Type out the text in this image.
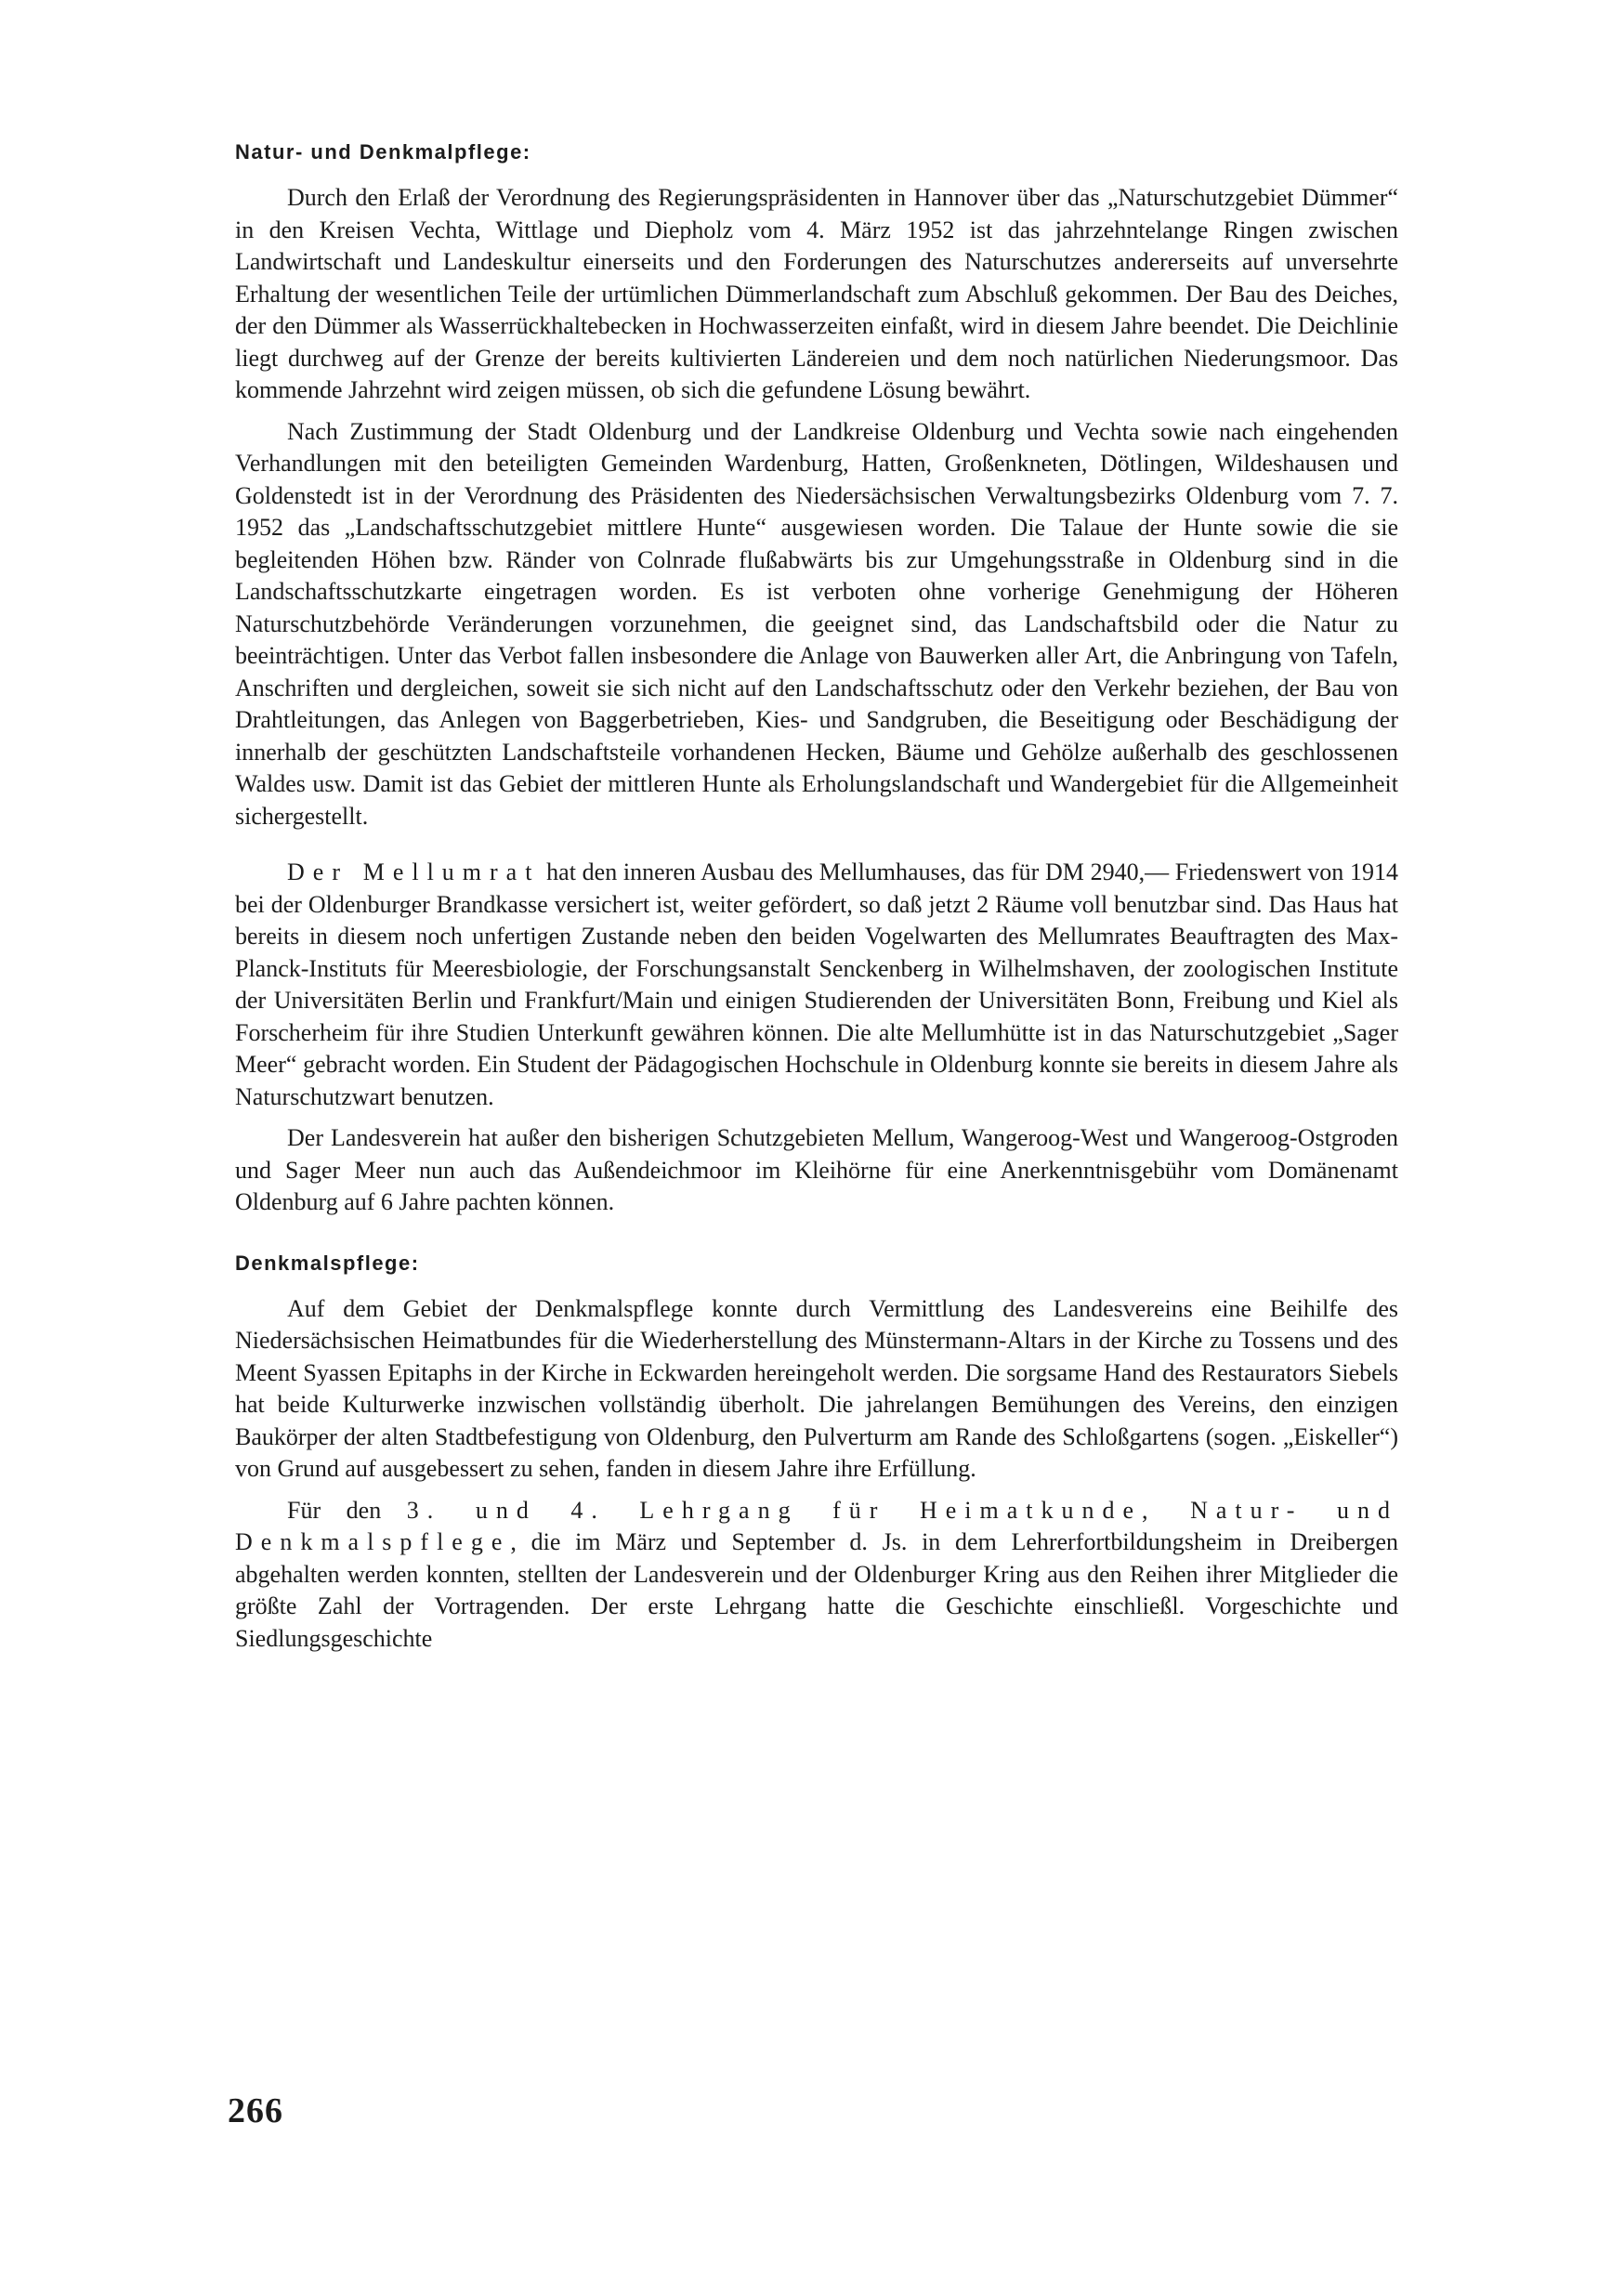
Natur- und Denkmalpflege:

Durch den Erlaß der Verordnung des Regierungspräsidenten in Hannover über das „Naturschutzgebiet Dümmer“ in den Kreisen Vechta, Wittlage und Diepholz vom 4. März 1952 ist das jahrzehntelange Ringen zwischen Landwirtschaft und Landeskultur einerseits und den Forderungen des Naturschutzes andererseits auf unversehrte Erhaltung der wesentlichen Teile der urtümlichen Dümmerlandschaft zum Abschluß gekommen. Der Bau des Deiches, der den Dümmer als Wasserrückhaltebecken in Hochwasserzeiten einfaßt, wird in diesem Jahre beendet. Die Deichlinie liegt durchweg auf der Grenze der bereits kultivierten Ländereien und dem noch natürlichen Niederungsmoor. Das kommende Jahrzehnt wird zeigen müssen, ob sich die gefundene Lösung bewährt.

Nach Zustimmung der Stadt Oldenburg und der Landkreise Oldenburg und Vechta sowie nach eingehenden Verhandlungen mit den beteiligten Gemeinden Wardenburg, Hatten, Großenkneten, Dötlingen, Wildeshausen und Goldenstedt ist in der Verordnung des Präsidenten des Niedersächsischen Verwaltungsbezirks Oldenburg vom 7. 7. 1952 das „Landschaftsschutzgebiet mittlere Hunte“ ausgewiesen worden. Die Talaue der Hunte sowie die sie begleitenden Höhen bzw. Ränder von Colnrade flußabwärts bis zur Umgehungsstraße in Oldenburg sind in die Landschaftsschutzkarte eingetragen worden. Es ist verboten ohne vorherige Genehmigung der Höheren Naturschutzbehörde Veränderungen vorzunehmen, die geeignet sind, das Landschaftsbild oder die Natur zu beeinträchtigen. Unter das Verbot fallen insbesondere die Anlage von Bauwerken aller Art, die Anbringung von Tafeln, Anschriften und dergleichen, soweit sie sich nicht auf den Landschaftsschutz oder den Verkehr beziehen, der Bau von Drahtleitungen, das Anlegen von Baggerbetrieben, Kies- und Sandgruben, die Beseitigung oder Beschädigung der innerhalb der geschützten Landschaftsteile vorhandenen Hecken, Bäume und Gehölze außerhalb des geschlossenen Waldes usw. Damit ist das Gebiet der mittleren Hunte als Erholungslandschaft und Wandergebiet für die Allgemeinheit sichergestellt.

Der Mellumrat hat den inneren Ausbau des Mellumhauses, das für DM 2940,— Friedenswert von 1914 bei der Oldenburger Brandkasse versichert ist, weiter gefördert, so daß jetzt 2 Räume voll benutzbar sind. Das Haus hat bereits in diesem noch unfertigen Zustande neben den beiden Vogelwarten des Mellumrates Beauftragten des Max-Planck-Instituts für Meeresbiologie, der Forschungsanstalt Senckenberg in Wilhelmshaven, der zoologischen Institute der Universitäten Berlin und Frankfurt/Main und einigen Studierenden der Universitäten Bonn, Freibung und Kiel als Forscherheim für ihre Studien Unterkunft gewähren können. Die alte Mellumhütte ist in das Naturschutzgebiet „Sager Meer“ gebracht worden. Ein Student der Pädagogischen Hochschule in Oldenburg konnte sie bereits in diesem Jahre als Naturschutzwart benutzen.

Der Landesverein hat außer den bisherigen Schutzgebieten Mellum, Wangeroog-West und Wangeroog-Ostgroden und Sager Meer nun auch das Außendeichmoor im Kleihörne für eine Anerkenntnisgebühr vom Domänenamt Oldenburg auf 6 Jahre pachten können.

Denkmalspflege:

Auf dem Gebiet der Denkmalspflege konnte durch Vermittlung des Landesvereins eine Beihilfe des Niedersächsischen Heimatbundes für die Wiederherstellung des Münstermann-Altars in der Kirche zu Tossens und des Meent Syassen Epitaphs in der Kirche in Eckwarden hereingeholt werden. Die sorgsame Hand des Restaurators Siebels hat beide Kulturwerke inzwischen vollständig überholt. Die jahrelangen Bemühungen des Vereins, den einzigen Baukörper der alten Stadtbefestigung von Oldenburg, den Pulverturm am Rande des Schloßgartens (sogen. „Eiskeller“) von Grund auf ausgebessert zu sehen, fanden in diesem Jahre ihre Erfüllung.

Für den 3. und 4. Lehrgang für Heimatkunde, Natur- und Denkmalspflege, die im März und September d. Js. in dem Lehrerfortbildungsheim in Dreibergen abgehalten werden konnten, stellten der Landesverein und der Oldenburger Kring aus den Reihen ihrer Mitglieder die größte Zahl der Vortragenden. Der erste Lehrgang hatte die Geschichte einschließl. Vorgeschichte und Siedlungsgeschichte

266
